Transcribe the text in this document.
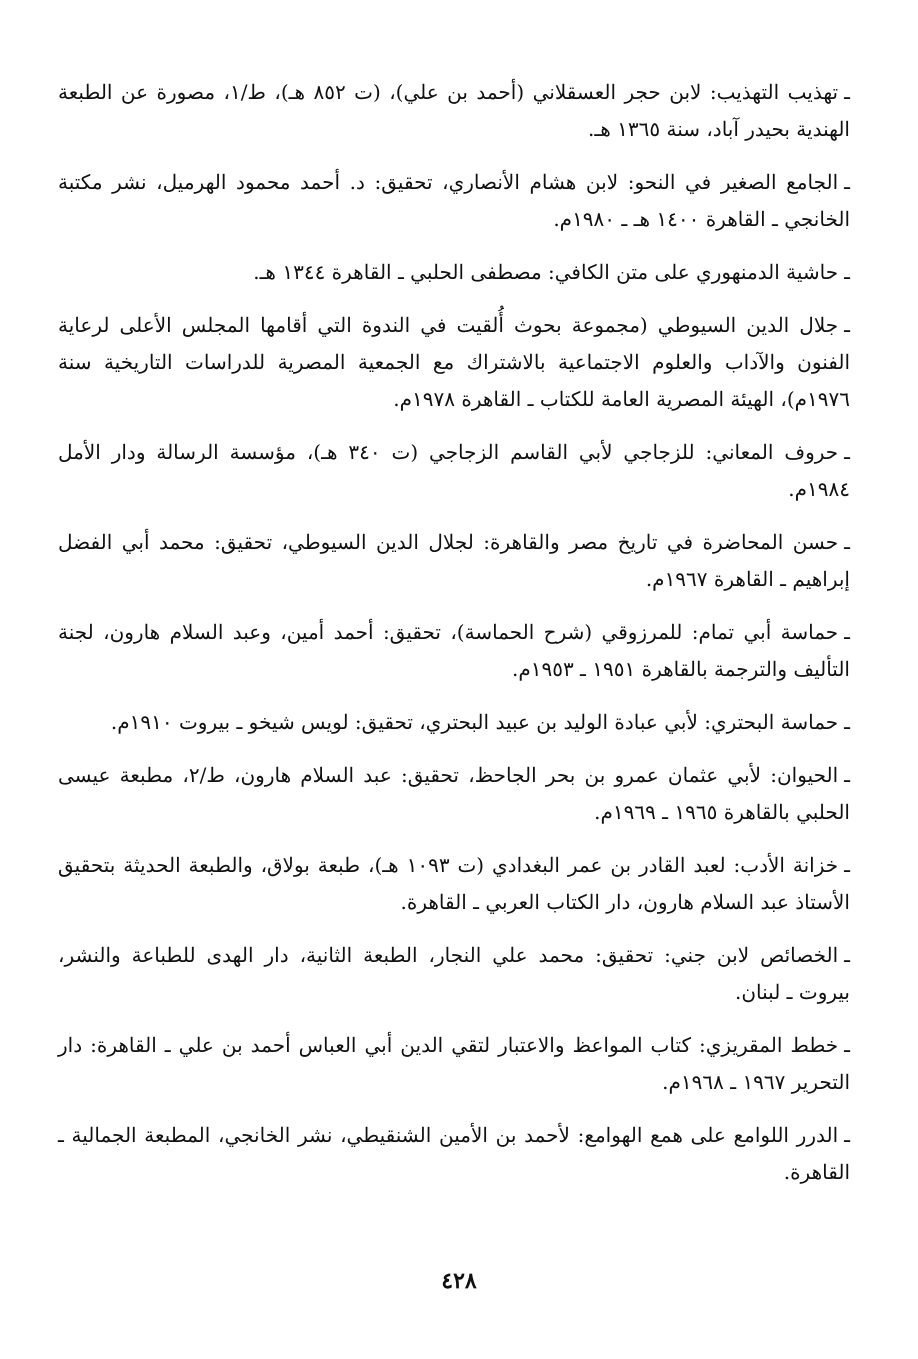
ـتهذيب التهذيب: لابن حجر العسقلاني (أحمد بن علي)، (ت ٨٥٢ هـ)، ط/١، مصورة عن الطبعة الهندية بحيدر آباد، سنة ١٣٦٥ هـ.
ـالجامع الصغير في النحو: لابن هشام الأنصاري، تحقيق: د. أحمد محمود الهرميل، نشر مكتبة الخانجي ـ القاهرة ١٤٠٠ هـ ـ ١٩٨٠م.
ـحاشية الدمنهوري على متن الكافي: مصطفى الحلبي ـ القاهرة ١٣٤٤ هـ.
ـجلال الدين السيوطي (مجموعة بحوث أُلقيت في الندوة التي أقامها المجلس الأعلى لرعاية الفنون والآداب والعلوم الاجتماعية بالاشتراك مع الجمعية المصرية للدراسات التاريخية سنة ١٩٧٦م)، الهيئة المصرية العامة للكتاب ـ القاهرة ١٩٧٨م.
ـحروف المعاني: للزجاجي لأبي القاسم الزجاجي (ت ٣٤٠ هـ)، مؤسسة الرسالة ودار الأمل ١٩٨٤م.
ـحسن المحاضرة في تاريخ مصر والقاهرة: لجلال الدين السيوطي، تحقيق: محمد أبي الفضل إبراهيم ـ القاهرة ١٩٦٧م.
ـحماسة أبي تمام: للمرزوقي (شرح الحماسة)، تحقيق: أحمد أمين، وعبد السلام هارون، لجنة التأليف والترجمة بالقاهرة ١٩٥١ ـ ١٩٥٣م.
ـحماسة البحتري: لأبي عبادة الوليد بن عبيد البحتري، تحقيق: لويس شيخو ـ بيروت ١٩١٠م.
ـالحيوان: لأبي عثمان عمرو بن بحر الجاحظ، تحقيق: عبد السلام هارون، ط/٢، مطبعة عيسى الحلبي بالقاهرة ١٩٦٥ ـ ١٩٦٩م.
ـخزانة الأدب: لعبد القادر بن عمر البغدادي (ت ١٠٩٣ هـ)، طبعة بولاق، والطبعة الحديثة بتحقيق الأستاذ عبد السلام هارون، دار الكتاب العربي ـ القاهرة.
ـالخصائص لابن جني: تحقيق: محمد علي النجار، الطبعة الثانية، دار الهدى للطباعة والنشر، بيروت ـ لبنان.
ـخطط المقريزي: كتاب المواعظ والاعتبار لتقي الدين أبي العباس أحمد بن علي ـ القاهرة: دار التحرير ١٩٦٧ ـ ١٩٦٨م.
ـالدرر اللوامع على همع الهوامع: لأحمد بن الأمين الشنقيطي، نشر الخانجي، المطبعة الجمالية ـ القاهرة.
٤٢٨
